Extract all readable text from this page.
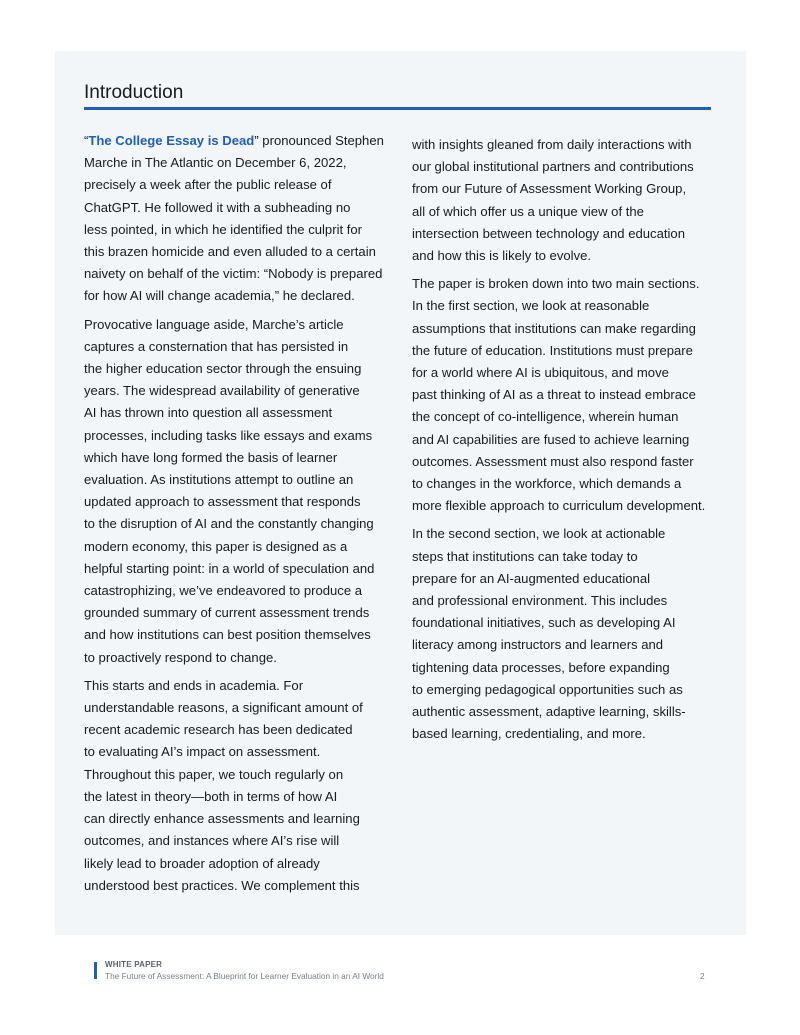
Introduction

“The College Essay is Dead” pronounced Stephen
Marche in The Atlantic on December 6, 2022,
precisely a week after the public release of
ChatGPT. He followed it with a subheading no
less pointed, in which he identified the culprit for
this brazen homicide and even alluded to a certain
naivety on behalf of the victim: “Nobody is prepared
for how AI will change academia,” he declared.

Provocative language aside, Marche’s article
captures a consternation that has persisted in
the higher education sector through the ensuing
years. The widespread availability of generative
AI has thrown into question all assessment
processes, including tasks like essays and exams
which have long formed the basis of learner
evaluation. As institutions attempt to outline an
updated approach to assessment that responds
to the disruption of AI and the constantly changing
modern economy, this paper is designed as a
helpful starting point: in a world of speculation and
catastrophizing, we’ve endeavored to produce a
grounded summary of current assessment trends
and how institutions can best position themselves
to proactively respond to change.

This starts and ends in academia. For
understandable reasons, a significant amount of
recent academic research has been dedicated
to evaluating AI’s impact on assessment.
Throughout this paper, we touch regularly on
the latest in theory—both in terms of how AI
can directly enhance assessments and learning
outcomes, and instances where AI’s rise will
likely lead to broader adoption of already
understood best practices. We complement this

with insights gleaned from daily interactions with
our global institutional partners and contributions
from our Future of Assessment Working Group,
all of which offer us a unique view of the
intersection between technology and education
and how this is likely to evolve.

The paper is broken down into two main sections.
In the first section, we look at reasonable
assumptions that institutions can make regarding
the future of education. Institutions must prepare
for a world where AI is ubiquitous, and move
past thinking of AI as a threat to instead embrace
the concept of co-intelligence, wherein human
and AI capabilities are fused to achieve learning
outcomes. Assessment must also respond faster
to changes in the workforce, which demands a
more flexible approach to curriculum development.

In the second section, we look at actionable
steps that institutions can take today to
prepare for an AI-augmented educational
and professional environment. This includes
foundational initiatives, such as developing AI
literacy among instructors and learners and
tightening data processes, before expanding
to emerging pedagogical opportunities such as
authentic assessment, adaptive learning, skills-
based learning, credentialing, and more.

WHITE PAPER
The Future of Assessment: A Blueprint for Learner Evaluation in an AI World	2
